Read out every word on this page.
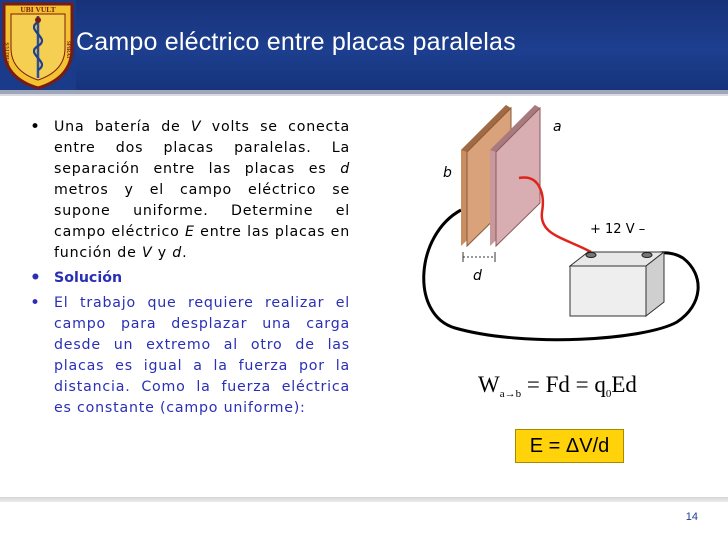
UBI VULT
SPIRITUS	SPIRAT Campo eléctrico entre placas paralelas
• Una batería de V volts se conecta entre dos placas paralelas. La separación entre las placas es d metros y el campo eléctrico se supone uniforme. Determine el campo eléctrico E entre las placas en función de V y d.
• Solución
• El trabajo que requiere realizar el campo para desplazar una carga desde un extremo al otro de las placas es igual a la fuerza por la distancia. Como la fuerza eléctrica es constante (campo uniforme):
a
b
d
+ 12 V –
$W_{a\to b} = Fd = q_0Ed$
E = ΔV/d
14
